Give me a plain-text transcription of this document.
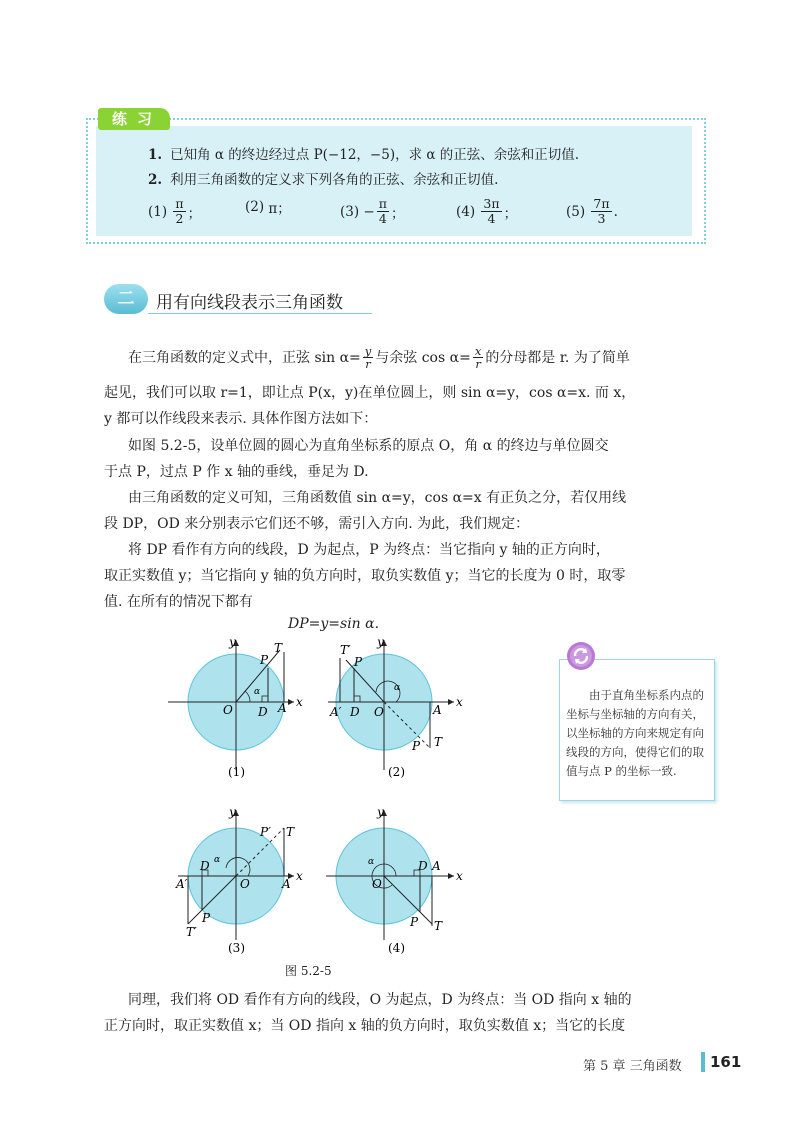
练习
1. 已知角 α 的终边经过点 P(−12，−5)，求 α 的正弦、余弦和正切值.
2. 利用三角函数的定义求下列各角的正弦、余弦和正切值.
(1)
$\frac{\pi}{2}$ ；	(2)
π；	(3)
− $\frac{\pi}{4}$ ；	(4)
$\frac{3\pi}{4}$ ；	(5)
$\frac{7\pi}{3}$ .
二	用有向线段表示三角函数
在三角函数的定义式中，正弦 $\sin \alpha= \frac{y}{r}$ 与余弦 $\cos \alpha= \frac{x}{r}$ 的分母都是 r. 为了简单
起见，我们可以取 r=1，即让点 P(x，y)在单位圆上，则 sin α=y，cos α=x. 而 x，
y 都可以作线段来表示. 具体作图方法如下：
如图 5.2-5，设单位圆的圆心为直角坐标系的原点 O，角 α 的终边与单位圆交
于点 P，过点 P 作 x 轴的垂线，垂足为 D.
由三角函数的定义可知，三角函数值 sin α=y，cos α=x 有正负之分，若仅用线
段 DP，OD 来分别表示它们还不够，需引入方向. 为此，我们规定：
将 DP 看作有方向的线段，D 为起点，P 为终点：当它指向 y 轴的正方向时，
取正实数值 y；当它指向 y 轴的负方向时，取负实数值 y；当它的长度为 0 时，取零
值. 在所有的情况下都有
DP=y=sin α.
y
x
O D A
P
T
α
(1)
y
x
O
D
A′	A
P
T′
P T
α
(2)
y
x
O
D
A′	A
P
T′
P′ T
α
(3)
y
x
O
D A
P T
α
(4)
图 5.2-5
由于直角坐标系内点的坐标与坐标轴的方向有关，以坐标轴的方向来规定有向线段的方向，使得它们的取值与点 P 的坐标一致.
同理，我们将 OD 看作有方向的线段，O 为起点，D 为终点：当 OD 指向 x 轴的
正方向时，取正实数值 x；当 OD 指向 x 轴的负方向时，取负实数值 x；当它的长度
第 5 章 三角函数 161
